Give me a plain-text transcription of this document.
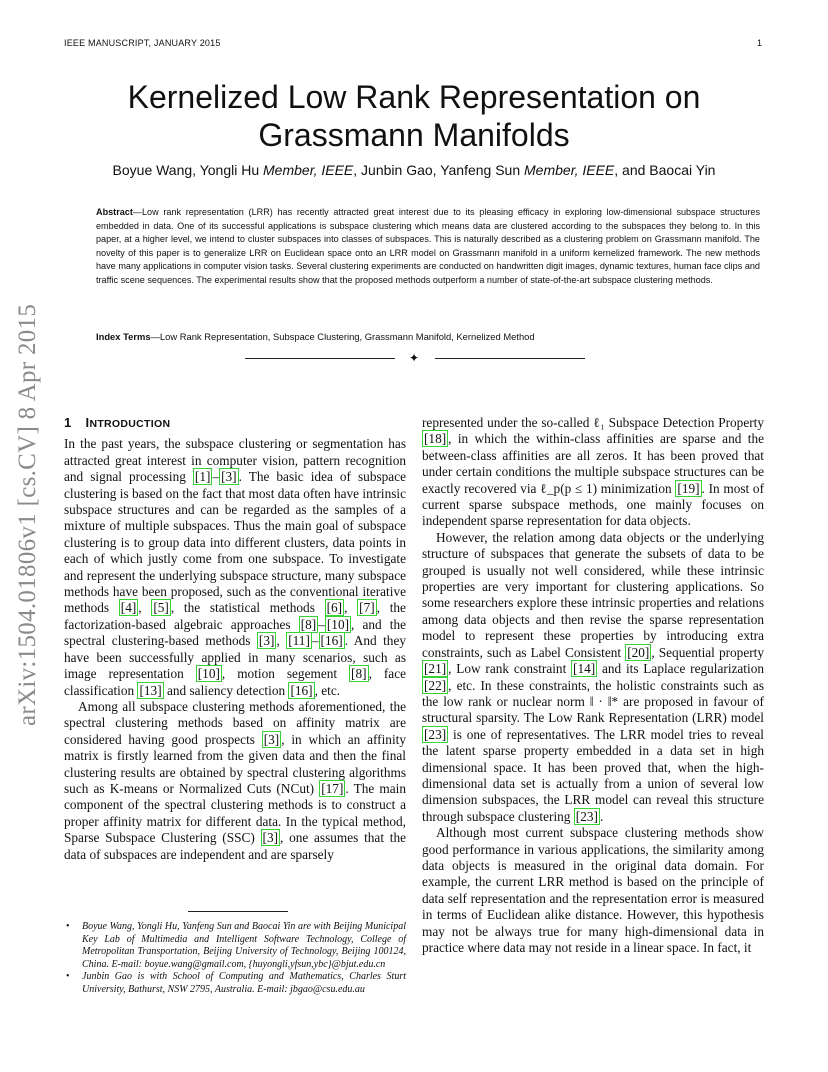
IEEE MANUSCRIPT, JANUARY 2015	1
arXiv:1504.01806v1 [cs.CV] 8 Apr 2015
Kernelized Low Rank Representation on Grassmann Manifolds
Boyue Wang, Yongli Hu Member, IEEE, Junbin Gao, Yanfeng Sun Member, IEEE, and Baocai Yin
Abstract—Low rank representation (LRR) has recently attracted great interest due to its pleasing efficacy in exploring low-dimensional subspace structures embedded in data. One of its successful applications is subspace clustering which means data are clustered according to the subspaces they belong to. In this paper, at a higher level, we intend to cluster subspaces into classes of subspaces. This is naturally described as a clustering problem on Grassmann manifold. The novelty of this paper is to generalize LRR on Euclidean space onto an LRR model on Grassmann manifold in a uniform kernelized framework. The new methods have many applications in computer vision tasks. Several clustering experiments are conducted on handwritten digit images, dynamic textures, human face clips and traffic scene sequences. The experimental results show that the proposed methods outperform a number of state-of-the-art subspace clustering methods.
Index Terms—Low Rank Representation, Subspace Clustering, Grassmann Manifold, Kernelized Method
✦
1 INTRODUCTION

In the past years, the subspace clustering or segmentation has attracted great interest in computer vision, pattern recognition and signal processing [1] – [3] . The basic idea of subspace clustering is based on the fact that most data often have intrinsic subspace structures and can be regarded as the samples of a mixture of multiple subspaces. Thus the main goal of subspace clustering is to group data into different clusters, data points in each of which justly come from one subspace. To investigate and represent the underlying subspace structure, many subspace methods have been proposed, such as the conventional iterative methods [4] , [5] , the statistical methods [6] , [7] , the factorization-based algebraic approaches [8] – [10] , and the spectral clustering-based methods [3] , [11] – [16] . And they have been successfully applied in many scenarios, such as image representation [10] , motion segement [8] , face classification [13] and saliency detection [16] , etc.

Among all subspace clustering methods aforementioned, the spectral clustering methods based on affinity matrix are considered having good prospects [3] , in which an affinity matrix is firstly learned from the given data and then the final clustering results are obtained by spectral clustering algorithms such as K-means or Normalized Cuts (NCut) [17] . The main component of the spectral clustering methods is to construct a proper affinity matrix for different data. In the typical method, Sparse Subspace Clustering (SSC) [3] , one assumes that the data of subspaces are independent and are sparsely

represented under the so-called ℓ₁ Subspace Detection Property [18] , in which the within-class affinities are sparse and the between-class affinities are all zeros. It has been proved that under certain conditions the multiple subspace structures can be exactly recovered via ℓ_p(p ≤ 1) minimization [19] . In most of current sparse subspace methods, one mainly focuses on independent sparse representation for data objects.

However, the relation among data objects or the underlying structure of subspaces that generate the subsets of data to be grouped is usually not well considered, while these intrinsic properties are very important for clustering applications. So some researchers explore these intrinsic properties and relations among data objects and then revise the sparse representation model to represent these properties by introducing extra constraints, such as Label Consistent [20] , Sequential property [21] , Low rank constraint [14] and its Laplace regularization [22] , etc. In these constraints, the holistic constraints such as the low rank or nuclear norm ‖ · ‖* are proposed in favour of structural sparsity. The Low Rank Representation (LRR) model [23] is one of representatives. The LRR model tries to reveal the latent sparse property embedded in a data set in high dimensional space. It has been proved that, when the high-dimensional data set is actually from a union of several low dimension subspaces, the LRR model can reveal this structure through subspace clustering [23] .

Although most current subspace clustering methods show good performance in various applications, the similarity among data objects is measured in the original data domain. For example, the current LRR method is based on the principle of data self representation and the representation error is measured in terms of Euclidean alike distance. However, this hypothesis may not be always true for many high-dimensional data in practice where data may not reside in a linear space. In fact, it

• Boyue Wang, Yongli Hu, Yanfeng Sun and Baocai Yin are with Beijing Municipal Key Lab of Multimedia and Intelligent Software Technology, College of Metropolitan Transportation, Beijing University of Technology, Beijing 100124, China. E-mail: boyue.wang@gmail.com, {huyongli,yfsun,ybc}@bjut.edu.cn
• Junbin Gao is with School of Computing and Mathematics, Charles Sturt University, Bathurst, NSW 2795, Australia. E-mail: jbgao@csu.edu.au
